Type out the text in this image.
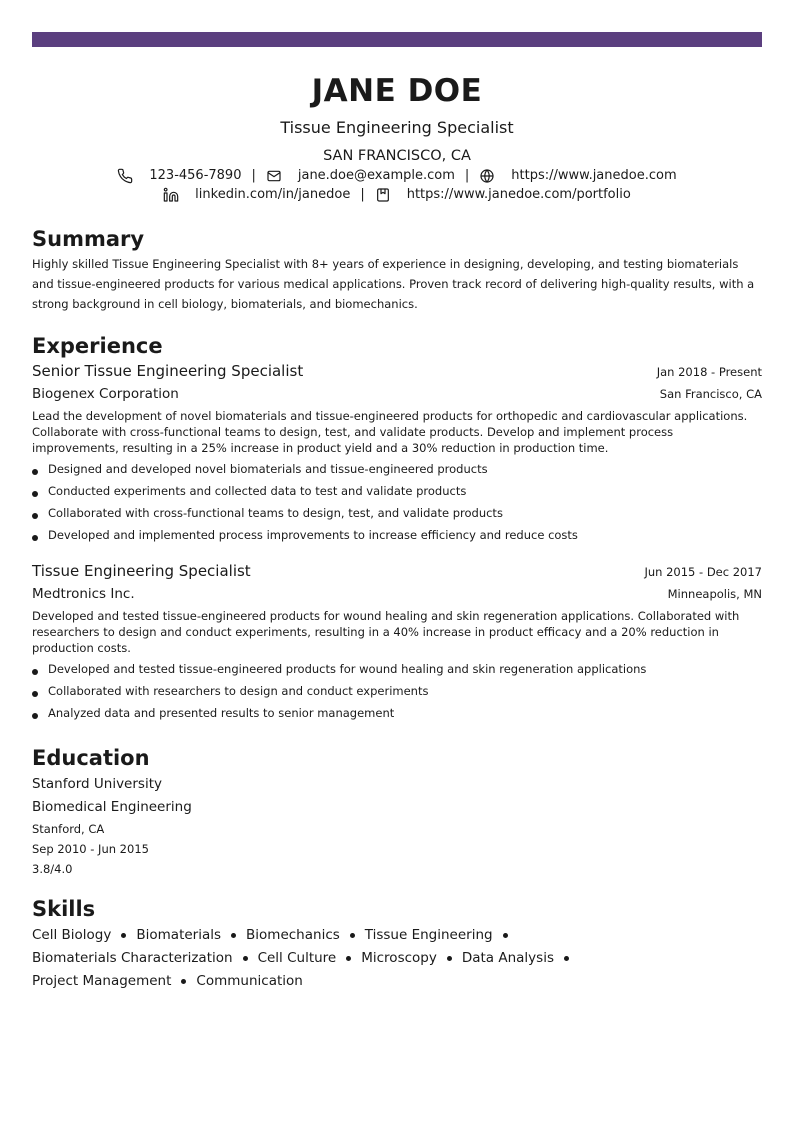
JANE DOE
Tissue Engineering Specialist
SAN FRANCISCO, CA
123-456-7890 |	jane.doe@example.com |	https://www.janedoe.com
linkedin.com/in/janedoe |	https://www.janedoe.com/portfolio
Summary
Highly skilled Tissue Engineering Specialist with 8+ years of experience in designing, developing, and testing biomaterials and tissue-engineered products for various medical applications. Proven track record of delivering high-quality results, with a strong background in cell biology, biomaterials, and biomechanics.
Experience
Senior Tissue Engineering Specialist	Jan 2018 - Present
Biogenex Corporation	San Francisco, CA
Lead the development of novel biomaterials and tissue-engineered products for orthopedic and cardiovascular applications. Collaborate with cross-functional teams to design, test, and validate products. Develop and implement process improvements, resulting in a 25% increase in product yield and a 30% reduction in production time.
Designed and developed novel biomaterials and tissue-engineered products
Conducted experiments and collected data to test and validate products
Collaborated with cross-functional teams to design, test, and validate products
Developed and implemented process improvements to increase efficiency and reduce costs
Tissue Engineering Specialist	Jun 2015 - Dec 2017
Medtronics Inc.	Minneapolis, MN
Developed and tested tissue-engineered products for wound healing and skin regeneration applications. Collaborated with researchers to design and conduct experiments, resulting in a 40% increase in product efficacy and a 20% reduction in production costs.
Developed and tested tissue-engineered products for wound healing and skin regeneration applications
Collaborated with researchers to design and conduct experiments
Analyzed data and presented results to senior management
Education
Stanford University
Biomedical Engineering
Stanford, CA
Sep 2010 - Jun 2015
3.8/4.0
Skills
Cell Biology Biomaterials Biomechanics Tissue Engineering
Biomaterials Characterization Cell Culture Microscopy Data Analysis
Project Management Communication
